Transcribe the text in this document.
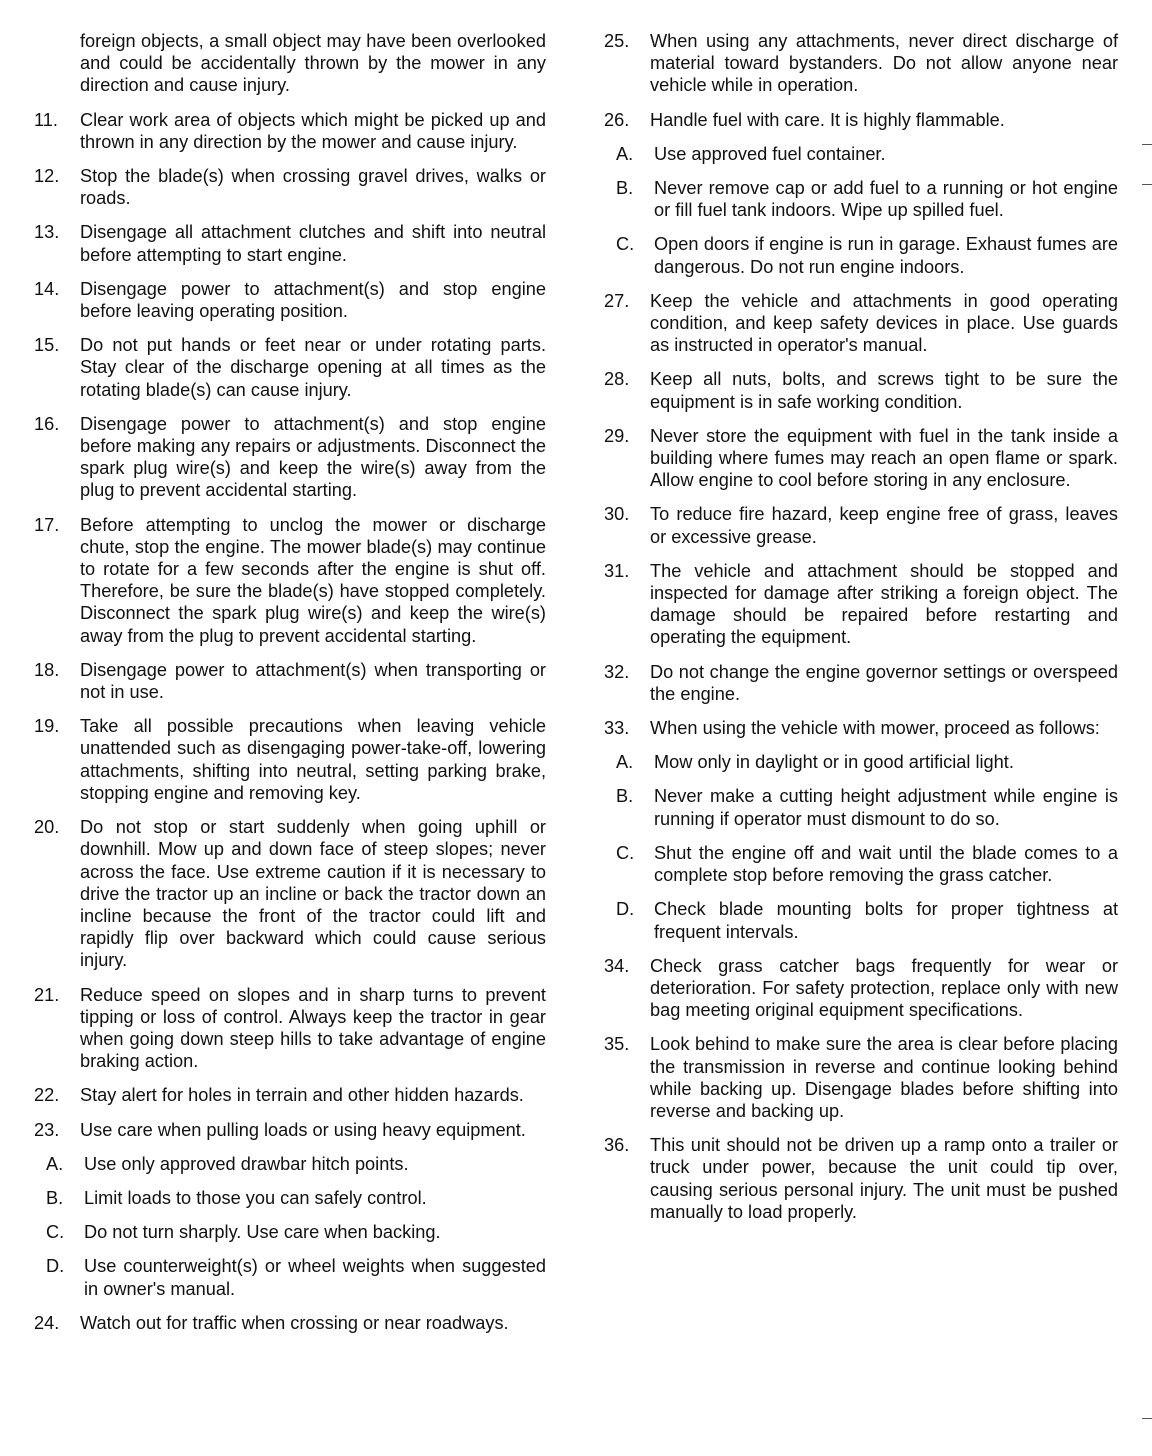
foreign objects, a small object may have been overlooked and could be accidentally thrown by the mower in any direction and cause injury.
11.	Clear work area of objects which might be picked up and thrown in any direction by the mower and cause injury.
12.	Stop the blade(s) when crossing gravel drives, walks or roads.
13.	Disengage all attachment clutches and shift into neutral before attempting to start engine.
14.	Disengage power to attachment(s) and stop engine before leaving operating position.
15.	Do not put hands or feet near or under rotating parts. Stay clear of the discharge opening at all times as the rotating blade(s) can cause injury.
16.	Disengage power to attachment(s) and stop engine before making any repairs or adjustments. Disconnect the spark plug wire(s) and keep the wire(s) away from the plug to prevent accidental starting.
17.	Before attempting to unclog the mower or discharge chute, stop the engine. The mower blade(s) may continue to rotate for a few seconds after the engine is shut off. Therefore, be sure the blade(s) have stopped completely. Disconnect the spark plug wire(s) and keep the wire(s) away from the plug to prevent accidental starting.
18.	Disengage power to attachment(s) when transporting or not in use.
19.	Take all possible precautions when leaving vehicle unattended such as disengaging power-take-off, lowering attachments, shifting into neutral, setting parking brake, stopping engine and removing key.
20.	Do not stop or start suddenly when going uphill or downhill. Mow up and down face of steep slopes; never across the face. Use extreme caution if it is necessary to drive the tractor up an incline or back the tractor down an incline because the front of the tractor could lift and rapidly flip over backward which could cause serious injury.
21.	Reduce speed on slopes and in sharp turns to prevent tipping or loss of control. Always keep the tractor in gear when going down steep hills to take advantage of engine braking action.
22.	Stay alert for holes in terrain and other hidden hazards.
23.	Use care when pulling loads or using heavy equipment.
A. Use only approved drawbar hitch points.
B. Limit loads to those you can safely control.
C. Do not turn sharply. Use care when backing.
D. Use counterweight(s) or wheel weights when suggested in owner's manual.
24.	Watch out for traffic when crossing or near roadways.
25.	When using any attachments, never direct discharge of material toward bystanders. Do not allow anyone near vehicle while in operation.
26.	Handle fuel with care. It is highly flammable.
A. Use approved fuel container.
B. Never remove cap or add fuel to a running or hot engine or fill fuel tank indoors. Wipe up spilled fuel.
C. Open doors if engine is run in garage. Exhaust fumes are dangerous. Do not run engine indoors.
27.	Keep the vehicle and attachments in good operating condition, and keep safety devices in place. Use guards as instructed in operator's manual.
28.	Keep all nuts, bolts, and screws tight to be sure the equipment is in safe working condition.
29.	Never store the equipment with fuel in the tank inside a building where fumes may reach an open flame or spark. Allow engine to cool before storing in any enclosure.
30.	To reduce fire hazard, keep engine free of grass, leaves or excessive grease.
31.	The vehicle and attachment should be stopped and inspected for damage after striking a foreign object. The damage should be repaired before restarting and operating the equipment.
32.	Do not change the engine governor settings or overspeed the engine.
33.	When using the vehicle with mower, proceed as follows:
A. Mow only in daylight or in good artificial light.
B. Never make a cutting height adjustment while engine is running if operator must dismount to do so.
C. Shut the engine off and wait until the blade comes to a complete stop before removing the grass catcher.
D. Check blade mounting bolts for proper tightness at frequent intervals.
34.	Check grass catcher bags frequently for wear or deterioration. For safety protection, replace only with new bag meeting original equipment specifications.
35.	Look behind to make sure the area is clear before placing the transmission in reverse and continue looking behind while backing up. Disengage blades before shifting into reverse and backing up.
36.	This unit should not be driven up a ramp onto a trailer or truck under power, because the unit could tip over, causing serious personal injury. The unit must be pushed manually to load properly.
